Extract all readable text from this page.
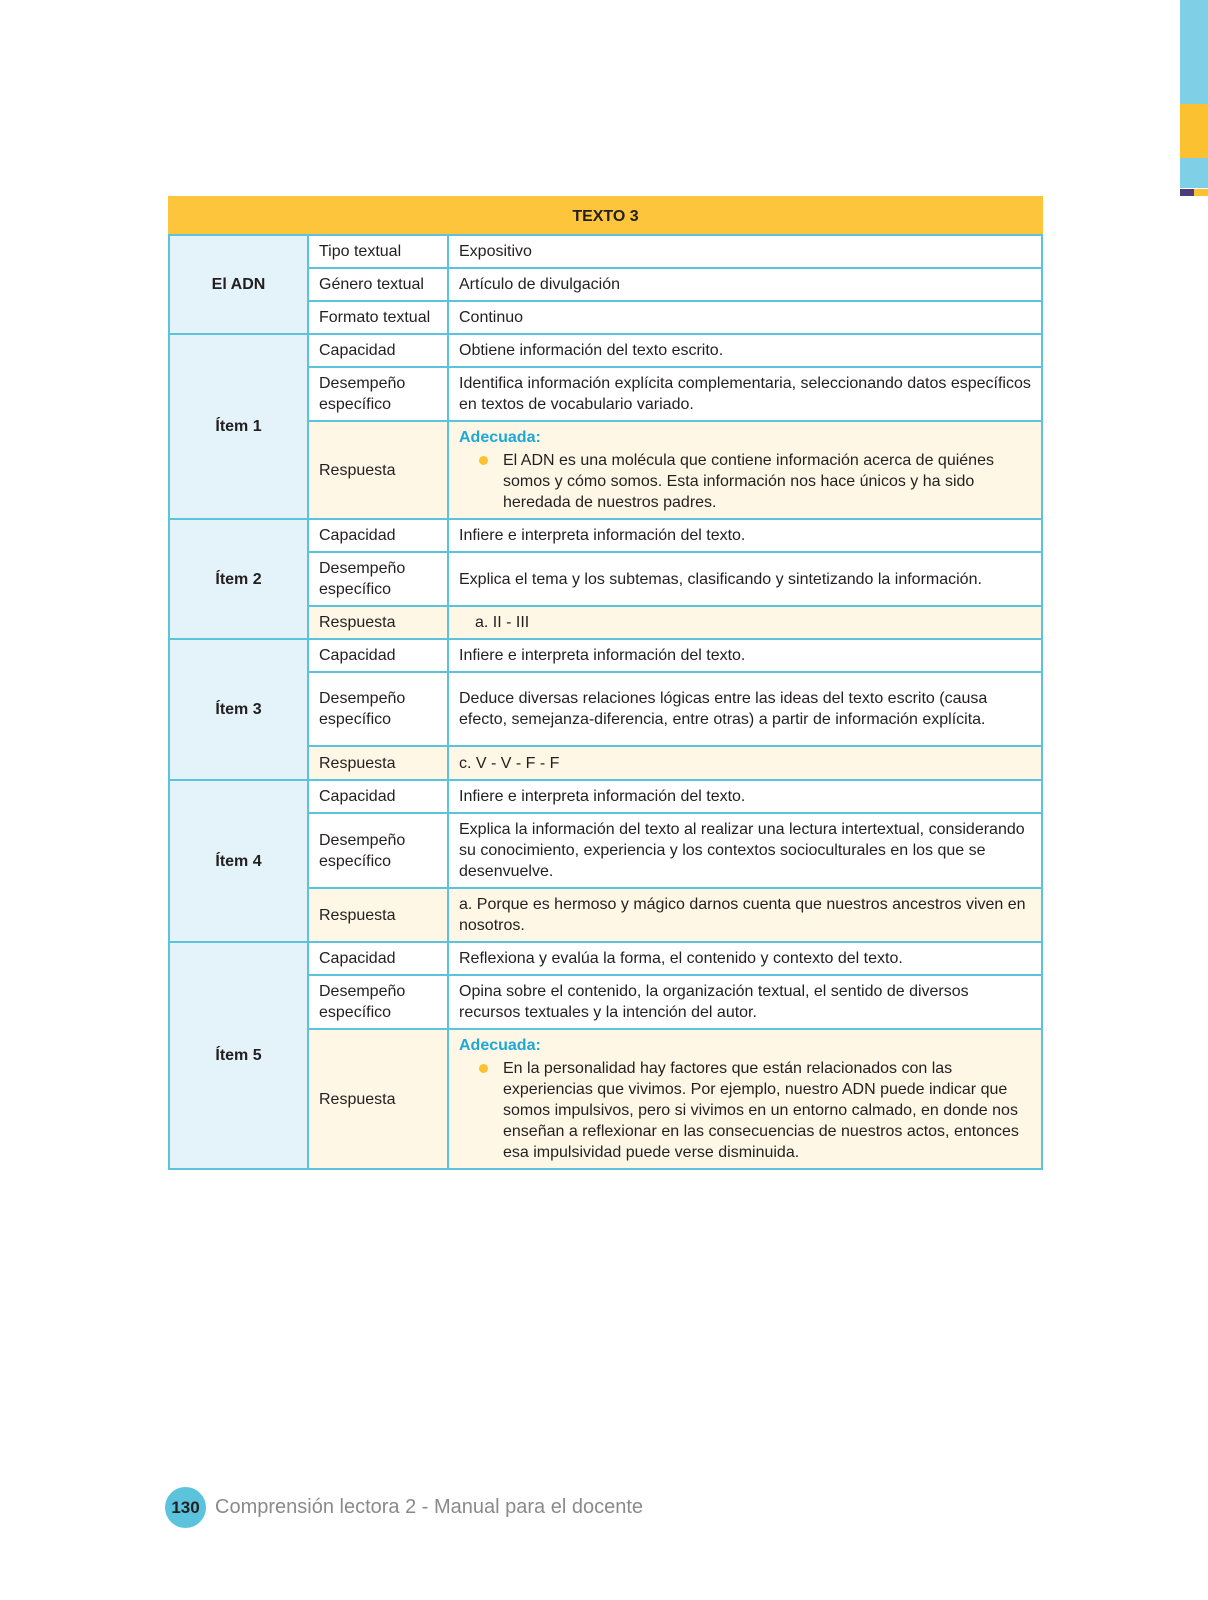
TEXTO 3		
El ADN	Tipo textual	Expositivo
	Género textual	Artículo de divulgación
	Formato textual	Continuo
Ítem 1	Capacidad	Obtiene información del texto escrito.
	Desempeño específico	Identifica información explícita complementaria, seleccionando datos específicos en textos de vocabulario variado.
	Respuesta	Adecuada:
El ADN es una molécula que contiene información acerca de quiénes somos y cómo somos. Esta información nos hace únicos y ha sido heredada de nuestros padres.

Ítem 2	Capacidad	Infiere e interpreta información del texto.
	Desempeño específico	Explica el tema y los subtemas, clasificando y sintetizando la información.
	Respuesta	a. II - III
Ítem 3	Capacidad	Infiere e interpreta información del texto.
	Desempeño específico	Deduce diversas relaciones lógicas entre las ideas del texto escrito (causa efecto, semejanza-diferencia, entre otras) a partir de información explícita.
	Respuesta	c. V - V - F - F
Ítem 4	Capacidad	Infiere e interpreta información del texto.
	Desempeño específico	Explica la información del texto al realizar una lectura intertextual, considerando su conocimiento, experiencia y los contextos socioculturales en los que se desenvuelve.
	Respuesta	a. Porque es hermoso y mágico darnos cuenta que nuestros ancestros viven en nosotros.
Ítem 5	Capacidad	Reflexiona y evalúa la forma, el contenido y contexto del texto.
	Desempeño específico	Opina sobre el contenido, la organización textual, el sentido de diversos recursos textuales y la intención del autor.
	Respuesta	Adecuada:
En la personalidad hay factores que están relacionados con las experiencias que vivimos. Por ejemplo, nuestro ADN puede indicar que somos impulsivos, pero si vivimos en un entorno calmado, en donde nos enseñan a reflexionar en las consecuencias de nuestros actos, entonces esa impulsividad puede verse disminuida.
130 Comprensión lectora 2 - Manual para el docente
